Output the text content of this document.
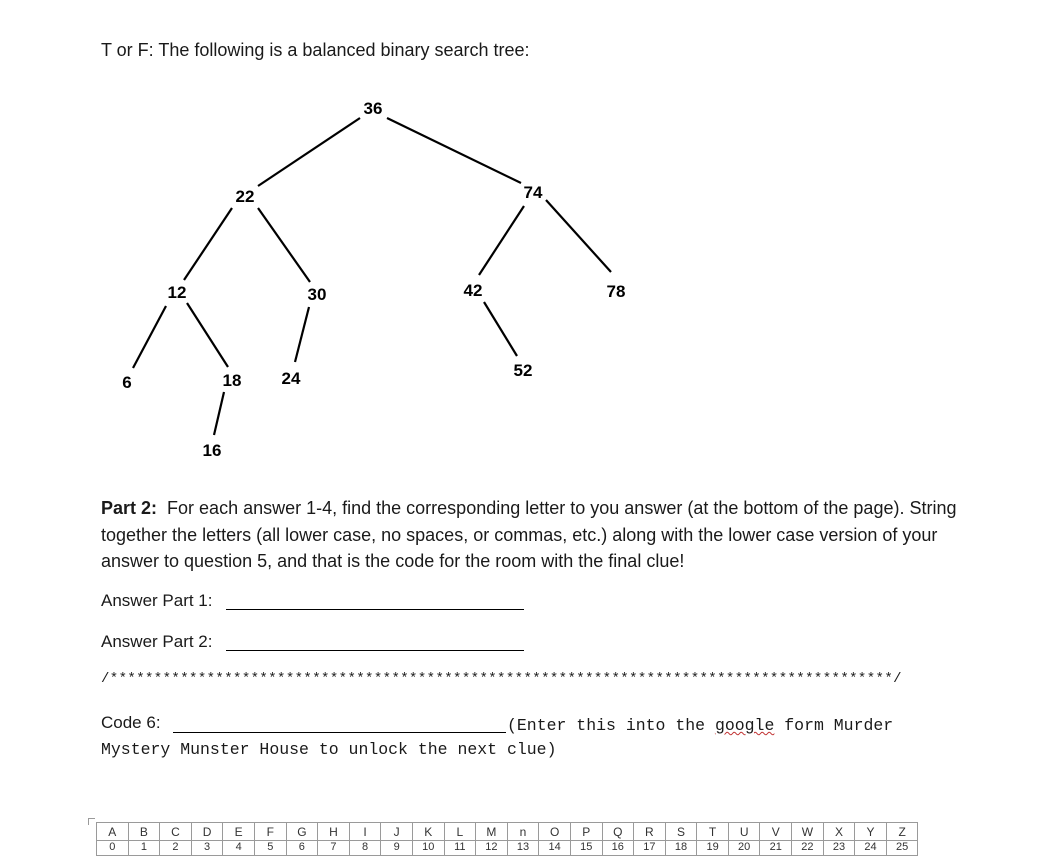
T or F: The following is a balanced binary search tree:

36
22	74
12	30	42	78
6	18 24	52
16

Part 2: For each answer 1-4, find the corresponding letter to you answer (at the bottom of the page). String together the letters (all lower case, no spaces, or commas, etc.) along with the lower case version of your answer to question 5, and that is the code for the room with the final clue!

Answer Part 1:
Answer Part 2:
/*****************************************************************************************/
Code 6:	(Enter this into the google form Murder Mystery Munster House to unlock the next clue)

A	B	C	D	E	F	G	H	I	J	K	L	M	n	O	P	Q	R	S	T	U	V	W	X	Y	Z
0	1	2	3	4	5	6	7	8	9	10	11	12	13	14	15	16	17	18	19	20	21	22	23	24	25
